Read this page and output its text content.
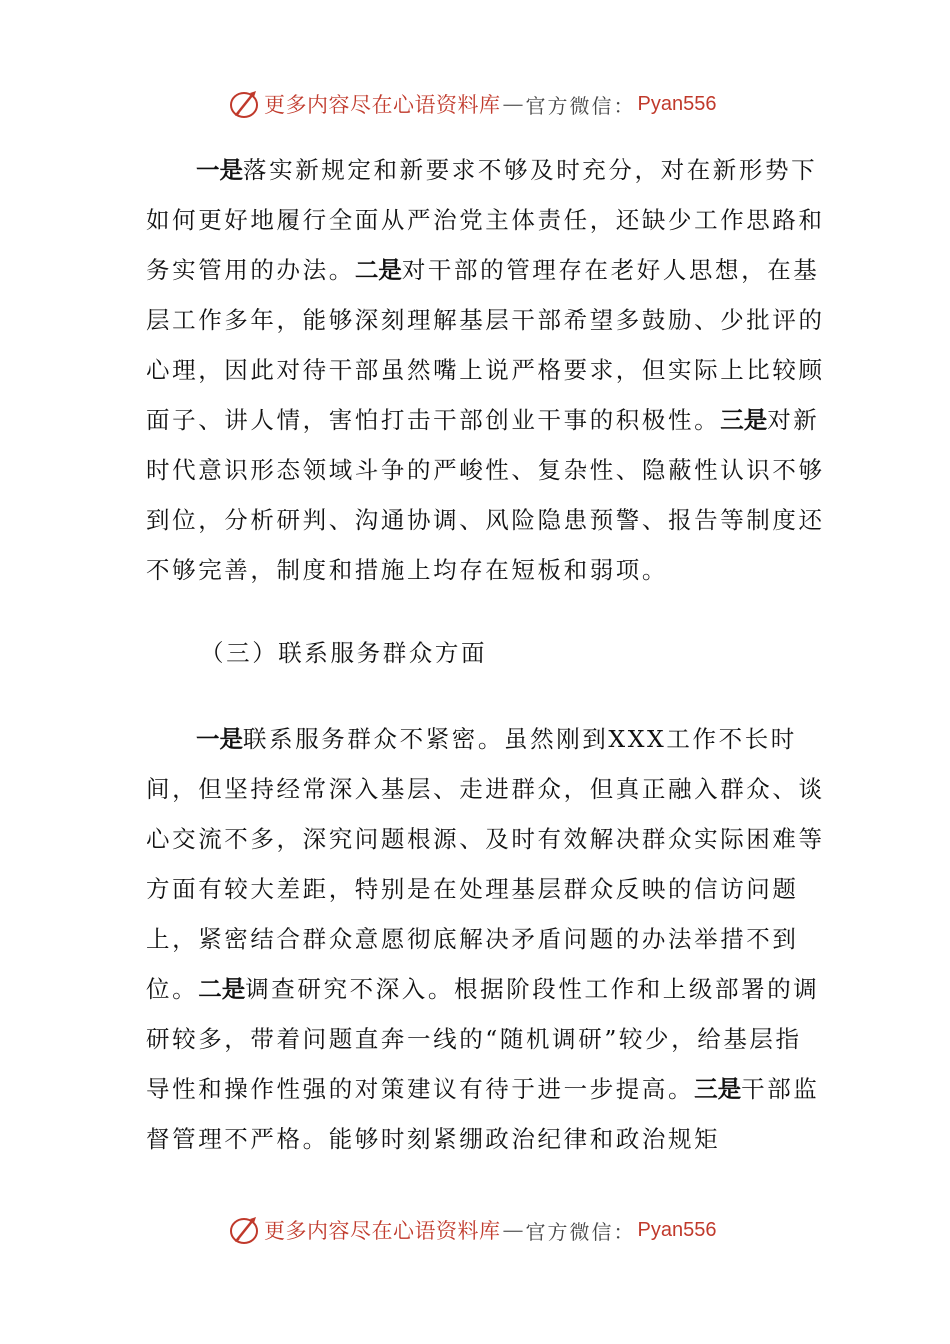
更多内容尽在心语资料库 — 官方微信： Pyan556

一是落实新规定和新要求不够及时充分，对在新形势下如何更好地履行全面从严治党主体责任，还缺少工作思路和务实管用的办法。二是对干部的管理存在老好人思想，在基层工作多年，能够深刻理解基层干部希望多鼓励、少批评的心理，因此对待干部虽然嘴上说严格要求，但实际上比较顾面子、讲人情，害怕打击干部创业干事的积极性。三是对新时代意识形态领域斗争的严峻性、复杂性、隐蔽性认识不够到位，分析研判、沟通协调、风险隐患预警、报告等制度还不够完善，制度和措施上均存在短板和弱项。

（三）联系服务群众方面

一是联系服务群众不紧密。虽然刚到XXX工作不长时间，但坚持经常深入基层、走进群众，但真正融入群众、谈心交流不多，深究问题根源、及时有效解决群众实际困难等方面有较大差距，特别是在处理基层群众反映的信访问题上，紧密结合群众意愿彻底解决矛盾问题的办法举措不到位。二是调查研究不深入。根据阶段性工作和上级部署的调研较多，带着问题直奔一线的“随机调研”较少，给基层指导性和操作性强的对策建议有待于进一步提高。三是干部监督管理不严格。能够时刻紧绷政治纪律和政治规矩

更多内容尽在心语资料库 — 官方微信： Pyan556
